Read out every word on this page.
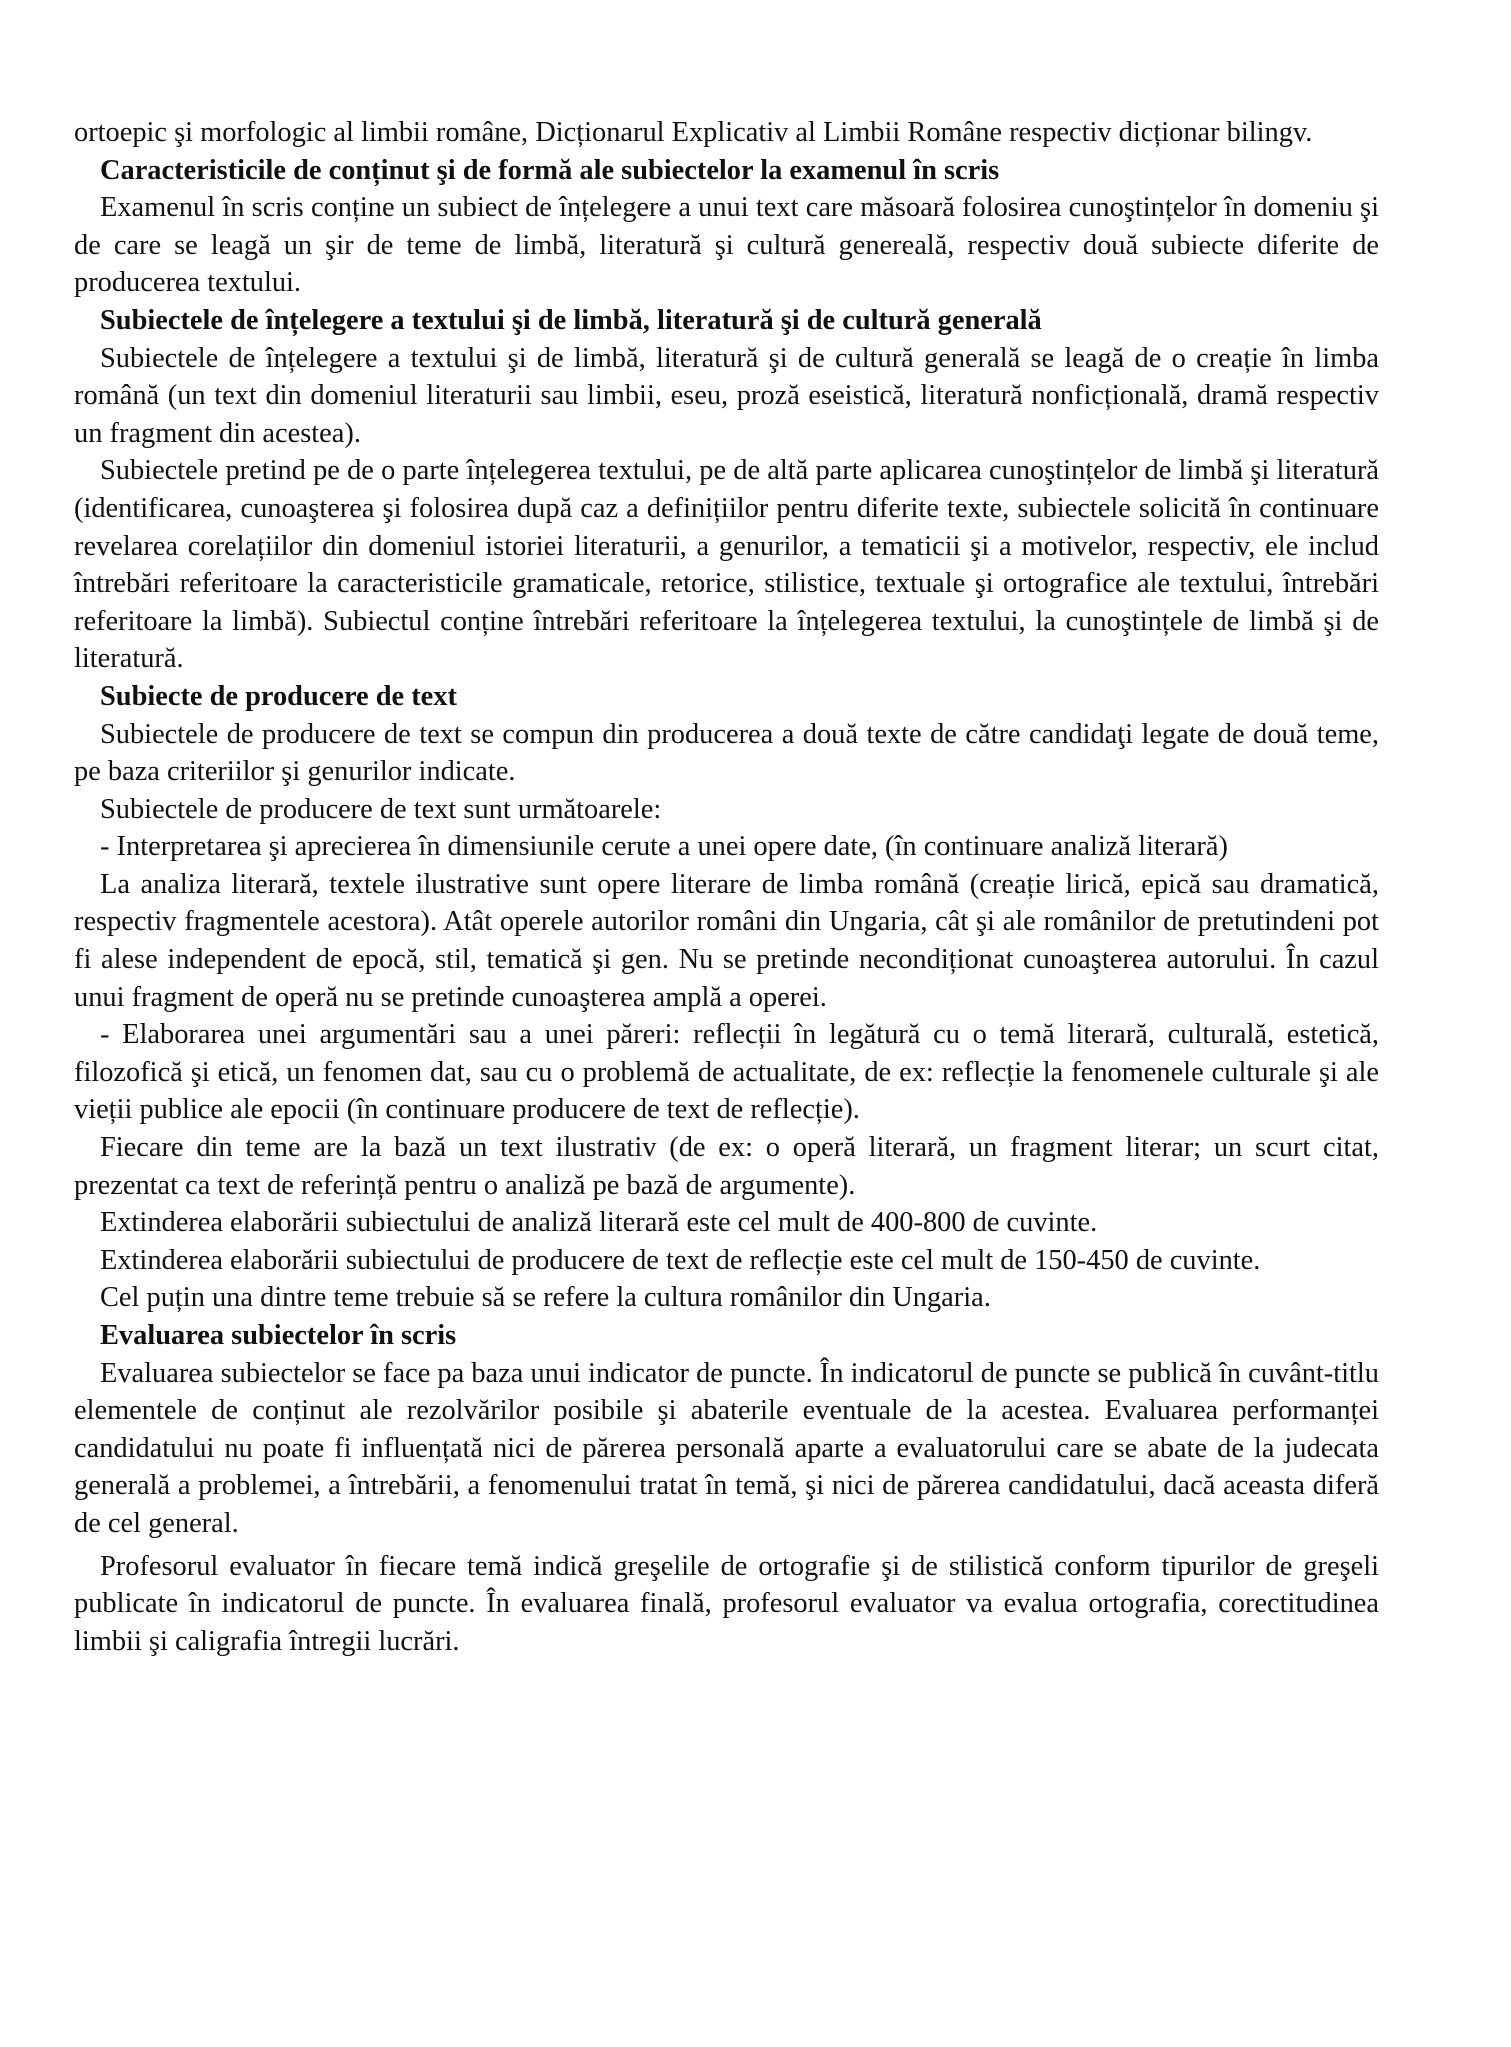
ortoepic şi morfologic al limbii române, Dicționarul Explicativ al Limbii Române respectiv dicționar bilingv.

Caracteristicile de conținut şi de formă ale subiectelor la examenul în scris

Examenul în scris conține un subiect de înțelegere a unui text care măsoară folosirea cunoştințelor în domeniu şi de care se leagă un şir de teme de limbă, literatură şi cultură genereală, respectiv două subiecte diferite de producerea textului.

Subiectele de înțelegere a textului şi de limbă, literatură şi de cultură generală

Subiectele de înțelegere a textului şi de limbă, literatură şi de cultură generală se leagă de o creație în limba română (un text din domeniul literaturii sau limbii, eseu, proză eseistică, literatură nonficțională, dramă respectiv un fragment din acestea).

Subiectele pretind pe de o parte înțelegerea textului, pe de altă parte aplicarea cunoştințelor de limbă şi literatură (identificarea, cunoaşterea şi folosirea după caz a definițiilor pentru diferite texte, subiectele solicită în continuare revelarea corelațiilor din domeniul istoriei literaturii, a genurilor, a tematicii şi a motivelor, respectiv, ele includ întrebări referitoare la caracteristicile gramaticale, retorice, stilistice, textuale şi ortografice ale textului, întrebări referitoare la limbă). Subiectul conține întrebări referitoare la înțelegerea textului, la cunoştințele de limbă şi de literatură.

Subiecte de producere de text

Subiectele de producere de text se compun din producerea a două texte de către candidaţi legate de două teme, pe baza criteriilor şi genurilor indicate.

Subiectele de producere de text sunt următoarele:

- Interpretarea şi aprecierea în dimensiunile cerute a unei opere date, (în continuare analiză literară)

La analiza literară, textele ilustrative sunt opere literare de limba română (creație lirică, epică sau dramatică, respectiv fragmentele acestora). Atât operele autorilor români din Ungaria, cât şi ale românilor de pretutindeni pot fi alese independent de epocă, stil, tematică şi gen. Nu se pretinde necondiționat cunoaşterea autorului. În cazul unui fragment de operă nu se pretinde cunoaşterea amplă a operei.

- Elaborarea unei argumentări sau a unei păreri: reflecții în legătură cu o temă literară, culturală, estetică, filozofică şi etică, un fenomen dat, sau cu o problemă de actualitate, de ex: reflecție la fenomenele culturale şi ale vieții publice ale epocii (în continuare producere de text de reflecție).

Fiecare din teme are la bază un text ilustrativ (de ex: o operă literară, un fragment literar; un scurt citat, prezentat ca text de referință pentru o analiză pe bază de argumente).

Extinderea elaborării subiectului de analiză literară este cel mult de 400-800 de cuvinte.

Extinderea elaborării subiectului de producere de text de reflecție este cel mult de 150-450 de cuvinte.

Cel puțin una dintre teme trebuie să se refere la cultura românilor din Ungaria.

Evaluarea subiectelor în scris

Evaluarea subiectelor se face pa baza unui indicator de puncte. În indicatorul de puncte se publică în cuvânt-titlu elementele de conținut ale rezolvărilor posibile şi abaterile eventuale de la acestea. Evaluarea performanței candidatului nu poate fi influențată nici de părerea personală aparte a evaluatorului care se abate de la judecata generală a problemei, a întrebării, a fenomenului tratat în temă, şi nici de părerea candidatului, dacă aceasta diferă de cel general.

Profesorul evaluator în fiecare temă indică greşelile de ortografie şi de stilistică conform tipurilor de greşeli publicate în indicatorul de puncte. În evaluarea finală, profesorul evaluator va evalua ortografia, corectitudinea limbii şi caligrafia întregii lucrări.
